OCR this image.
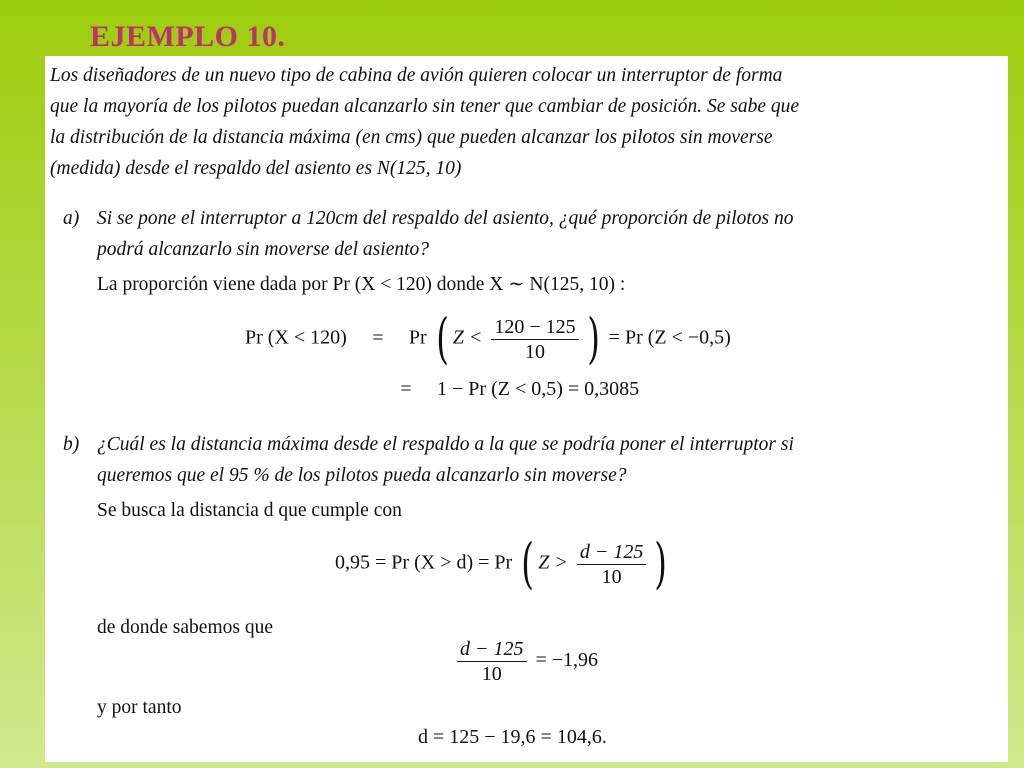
EJEMPLO 10.

Los diseñadores de un nuevo tipo de cabina de avión quieren colocar un interruptor de forma

que la mayoría de los pilotos puedan alcanzarlo sin tener que cambiar de posición. Se sabe que

la distribución de la distancia máxima (en cms) que pueden alcanzar los pilotos sin moverse

(medida) desde el respaldo del asiento es N(125, 10)

a) Si se pone el interruptor a 120cm del respaldo del asiento, ¿qué proporción de pilotos no
podrá alcanzarlo sin moverse del asiento?
La proporción viene dada por Pr (X < 120) donde X ∼ N(125, 10) :
Pr (X < 120) = Pr ( $Z < \frac{120 - 125}{10}$ ) = Pr (Z < −0,5)
= 1 − Pr (Z < 0,5) = 0,3085
b) ¿Cuál es la distancia máxima desde el respaldo a la que se podría poner el interruptor si
queremos que el 95 % de los pilotos pueda alcanzarlo sin moverse?
Se busca la distancia d que cumple con
0,95 = Pr (X > d) = Pr ( $Z > \frac{d - 125}{10}$ )
de donde sabemos que
$\frac{d - 125}{10} = -1,96$
y por tanto
d = 125 − 19,6 = 104,6.
